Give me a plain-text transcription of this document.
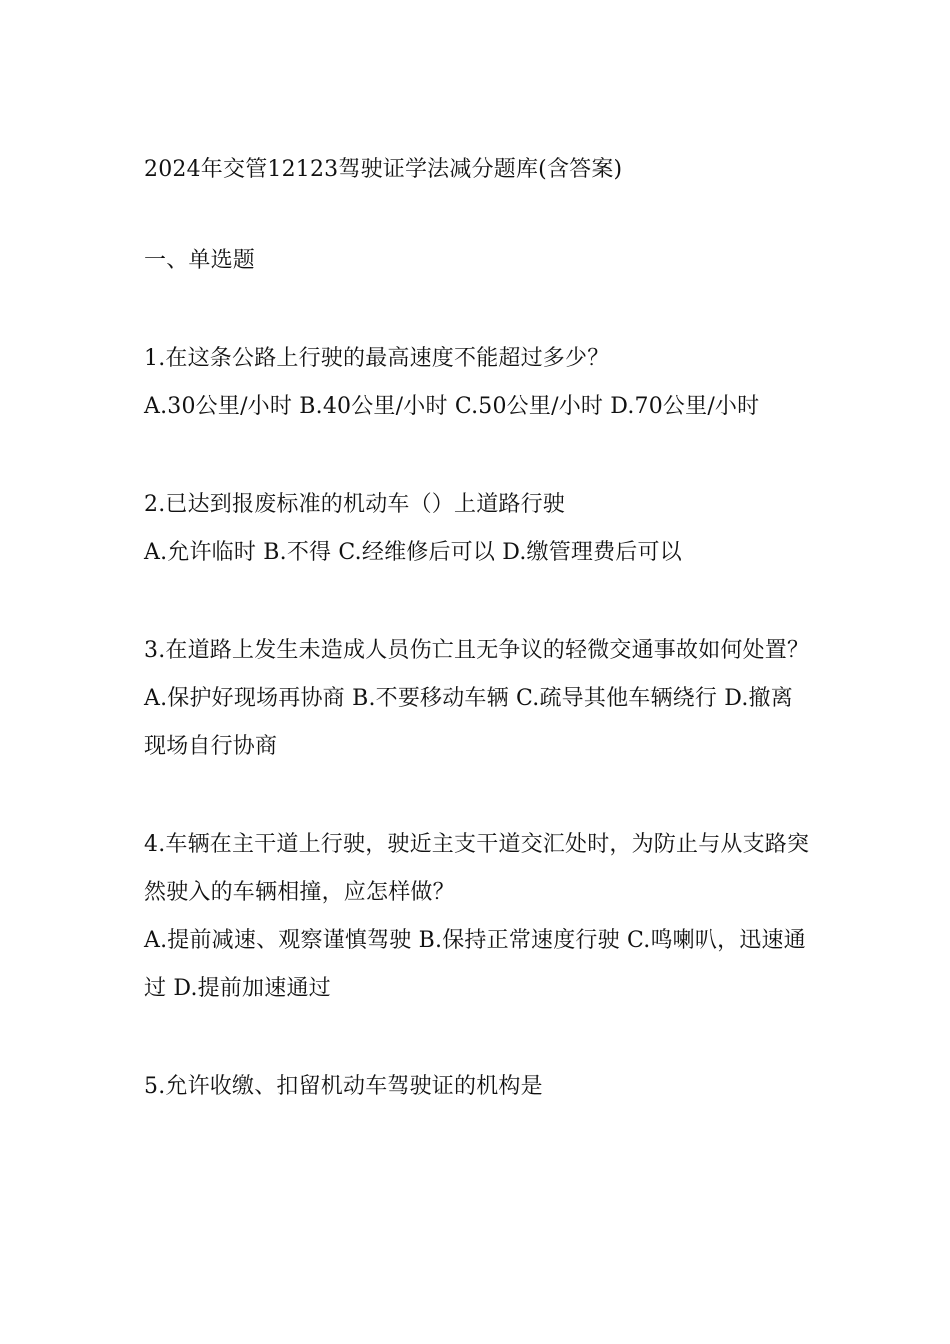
2024年交管12123驾驶证学法减分题库(含答案)
一、单选题

1.在这条公路上行驶的最高速度不能超过多少？

A.30公里/小时 B.40公里/小时 C.50公里/小时 D.70公里/小时

2.已达到报废标准的机动车（）上道路行驶

A.允许临时 B.不得 C.经维修后可以 D.缴管理费后可以

3.在道路上发生未造成人员伤亡且无争议的轻微交通事故如何处置？

A.保护好现场再协商 B.不要移动车辆 C.疏导其他车辆绕行 D.撤离现场自行协商

4.车辆在主干道上行驶，驶近主支干道交汇处时，为防止与从支路突然驶入的车辆相撞，应怎样做？

A.提前减速、观察谨慎驾驶 B.保持正常速度行驶 C.鸣喇叭，迅速通过 D.提前加速通过

5.允许收缴、扣留机动车驾驶证的机构是
